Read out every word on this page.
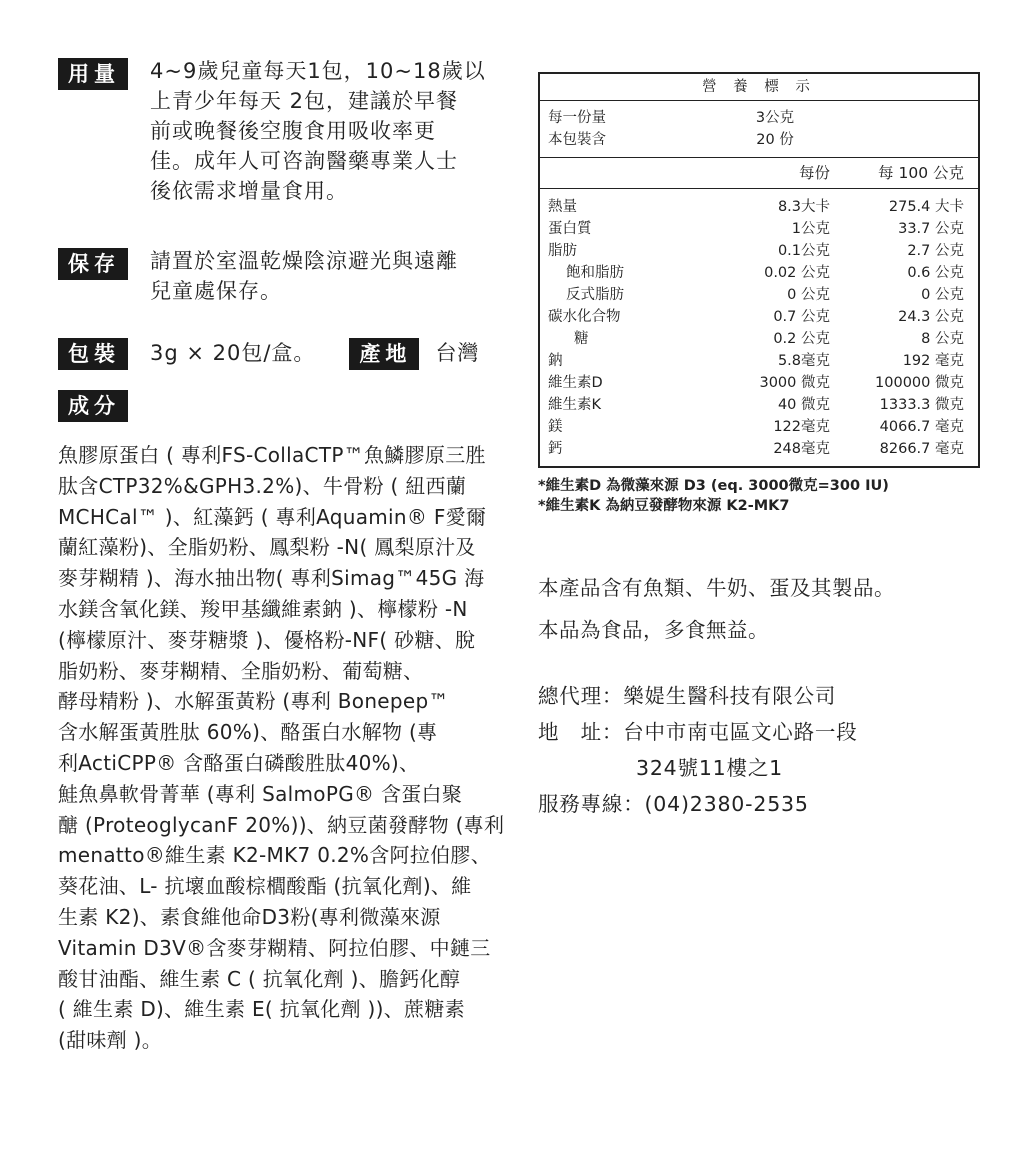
用量	4~9歲兒童每天1包，10~18歲以
上青少年每天 2包，建議於早餐
前或晚餐後空腹食用吸收率更
佳。成年人可咨詢醫藥專業人士
後依需求增量食用。
保存	請置於室溫乾燥陰涼避光與遠離
兒童處保存。
包裝	3g × 20包/盒。	產地	台灣
成分
魚膠原蛋白 ( 專利FS-CollaCTP™魚鱗膠原三胜
肽含CTP32%&GPH3.2%)、牛骨粉 ( 紐西蘭
MCHCal™ )、紅藻鈣 ( 專利Aquamin® F愛爾
蘭紅藻粉)、全脂奶粉、鳳梨粉 -N( 鳳梨原汁及
麥芽糊精 )、海水抽出物( 專利Simag™45G 海
水鎂含氧化鎂、羧甲基纖維素鈉 )、檸檬粉 -N
(檸檬原汁、麥芽糖漿 )、優格粉-NF( 砂糖、脫
脂奶粉、麥芽糊精、全脂奶粉、葡萄糖、
酵母精粉 )、水解蛋黃粉 (專利 Bonepep™
含水解蛋黃胜肽 60%)、酪蛋白水解物 (專
利ActiCPP® 含酪蛋白磷酸胜肽40%)、
鮭魚鼻軟骨菁華 (專利 SalmoPG® 含蛋白聚
醣 (ProteoglycanF 20%))、納豆菌發酵物 (專利
menatto®維生素 K2-MK7 0.2%含阿拉伯膠、
葵花油、L- 抗壞血酸棕櫚酸酯 (抗氧化劑)、維
生素 K2)、素食維他命D3粉(專利微藻來源
Vitamin D3V®含麥芽糊精、阿拉伯膠、中鏈三
酸甘油酯、維生素 C ( 抗氧化劑 )、膽鈣化醇
( 維生素 D)、維生素 E( 抗氧化劑 ))、蔗糖素
(甜味劑 )。
營 養 標 示		
每一份量	3公克	
本包裝含	20 份	
	每份	每 100 公克
熱量	8.3大卡	275.4 大卡
蛋白質	1公克	33.7 公克
脂肪	0.1公克	2.7 公克
飽和脂肪	0.02 公克	0.6 公克
反式脂肪	0 公克	0 公克
碳水化合物	0.7 公克	24.3 公克
糖	0.2 公克	8 公克
鈉	5.8毫克	192 毫克
維生素D	3000 微克	100000 微克
維生素K	40 微克	1333.3 微克
鎂	122毫克	4066.7 毫克
鈣	248毫克	8266.7 毫克
*維生素D 為微藻來源 D3 (eq. 3000微克=300 IU)
*維生素K 為納豆發酵物來源 K2-MK7
本產品含有魚類、牛奶、蛋及其製品。
本品為食品，多食無益。
總代理：樂媞生醫科技有限公司
地　址：台中市南屯區文心路一段
324號11樓之1
服務專線：(04)2380-2535
